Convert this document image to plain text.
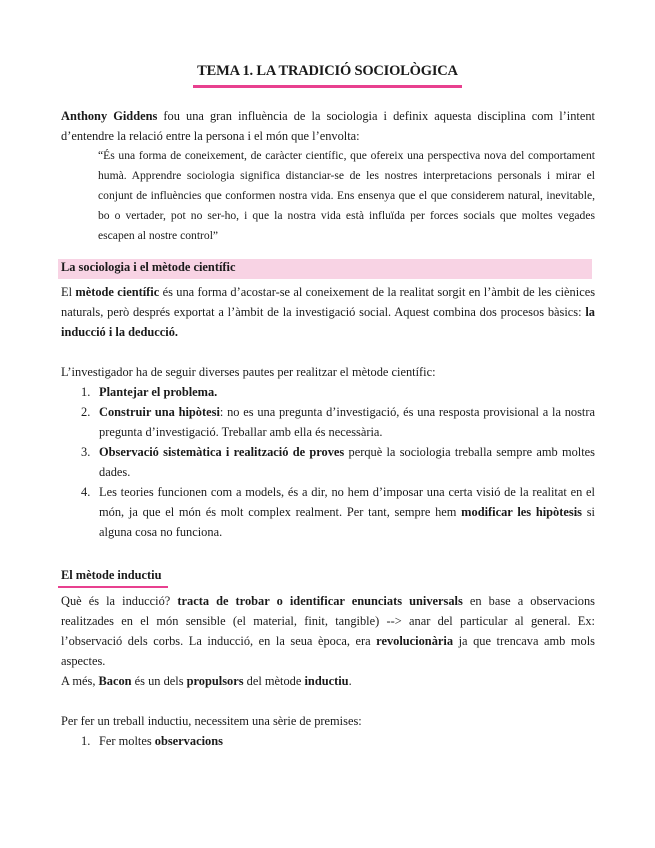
TEMA 1. LA TRADICIÓ SOCIOLÒGICA
Anthony Giddens fou una gran influència de la sociologia i definix aquesta disciplina com l’intent d’entendre la relació entre la persona i el món que l’envolta:
“És una forma de coneixement, de caràcter científic, que ofereix una perspectiva nova del comportament humà. Apprendre sociologia significa distanciar-se de les nostres interpretacions personals i mirar el conjunt de influències que conformen nostra vida. Ens ensenya que el que considerem natural, inevitable, bo o vertader, pot no ser-ho, i que la nostra vida està influïda per forces socials que moltes vegades escapen al nostre control”
La sociologia i el mètode científic
El mètode científic és una forma d’acostar-se al coneixement de la realitat sorgit en l’àmbit de les ciènices naturals, però després exportat a l’àmbit de la investigació social. Aquest combina dos procesos bàsics: la inducció i la deducció.
L’investigador ha de seguir diverses pautes per realitzar el mètode científic:
1. Plantejar el problema.
2. Construir una hipòtesi: no es una pregunta d’investigació, és una resposta provisional a la nostra pregunta d’investigació. Treballar amb ella és necessària.
3. Observació sistemàtica i realització de proves perquè la sociologia treballa sempre amb moltes dades.
4. Les teories funcionen com a models, és a dir, no hem d’imposar una certa visió de la realitat en el món, ja que el món és molt complex realment. Per tant, sempre hem modificar les hipòtesis si alguna cosa no funciona.
El mètode inductiu
Què és la inducció? tracta de trobar o identificar enunciats universals en base a observacions realitzades en el món sensible (el material, finit, tangible) --> anar del particular al general. Ex: l’observació dels corbs. La inducció, en la seua època, era revolucionària ja que trencava amb mols aspectes.
A més, Bacon és un dels propulsors del mètode inductiu.
Per fer un treball inductiu, necessitem una sèrie de premises:
1. Fer moltes observacions
